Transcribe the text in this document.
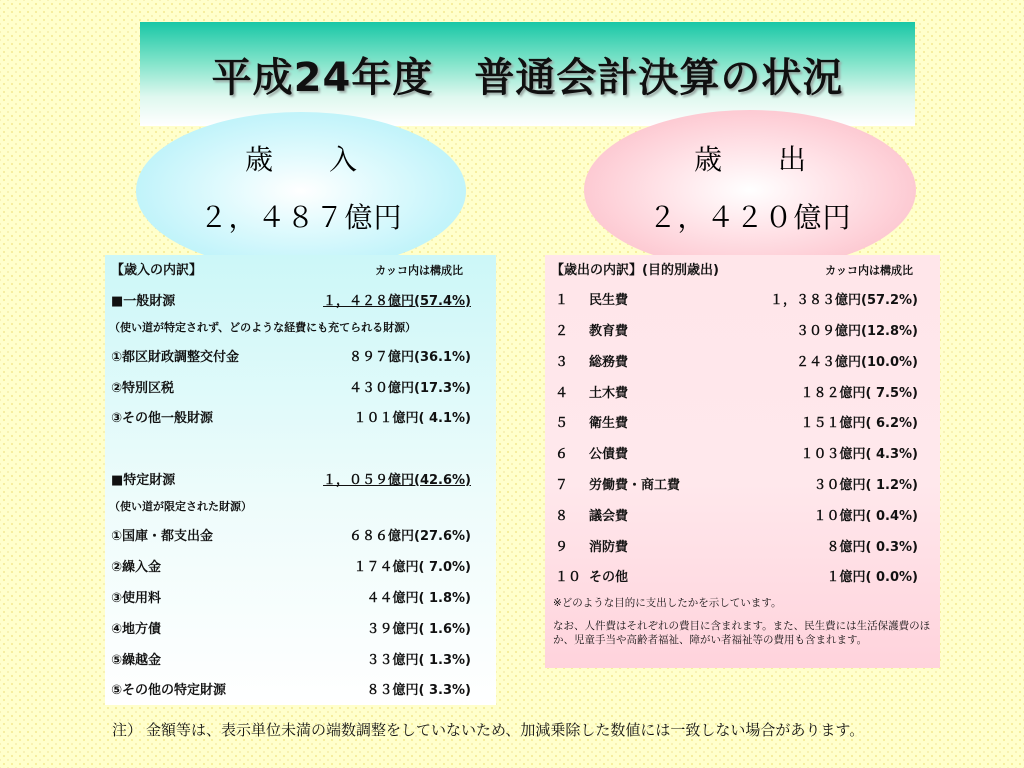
平成24年度　普通会計決算の状況
歳　入
２，４８７億円
歳　出
２，４２０億円
【歳入の内訳】	カッコ内は構成比
■一般財源	１，４２８億円(57.4%)
（使い道が特定されず、どのような経費にも充てられる財源）
①都区財政調整交付金	８９７億円(36.1%)
②特別区税	４３０億円(17.3%)
③その他一般財源	１０１億円( 4.1%)
■特定財源	１，０５９億円(42.6%)
（使い道が限定された財源）
①国庫・都支出金	６８６億円(27.6%)
②繰入金	１７４億円( 7.0%)
③使用料	４４億円( 1.8%)
④地方債	３９億円( 1.6%)
⑤繰越金	３３億円( 1.3%)
⑤その他の特定財源	８３億円( 3.3%)
【歳出の内訳】(目的別歳出)	カッコ内は構成比
１ 民生費	１，３８３億円(57.2%)
２ 教育費	３０９億円(12.8%)
３ 総務費	２４３億円(10.0%)
４ 土木費	１８２億円( 7.5%)
５ 衛生費	１５１億円( 6.2%)
６ 公債費	１０３億円( 4.3%)
７ 労働費・商工費	３０億円( 1.2%)
８ 議会費	１０億円( 0.4%)
９ 消防費	８億円( 0.3%)
１０ その他	１億円( 0.0%)
※どのような目的に支出したかを示しています。
なお、人件費はそれぞれの費目に含まれます。また、民生費には生活保護費のほか、児童手当や高齢者福祉、障がい者福祉等の費用も含まれます。
注） 金額等は、表示単位未満の端数調整をしていないため、加減乗除した数値には一致しない場合があります。
